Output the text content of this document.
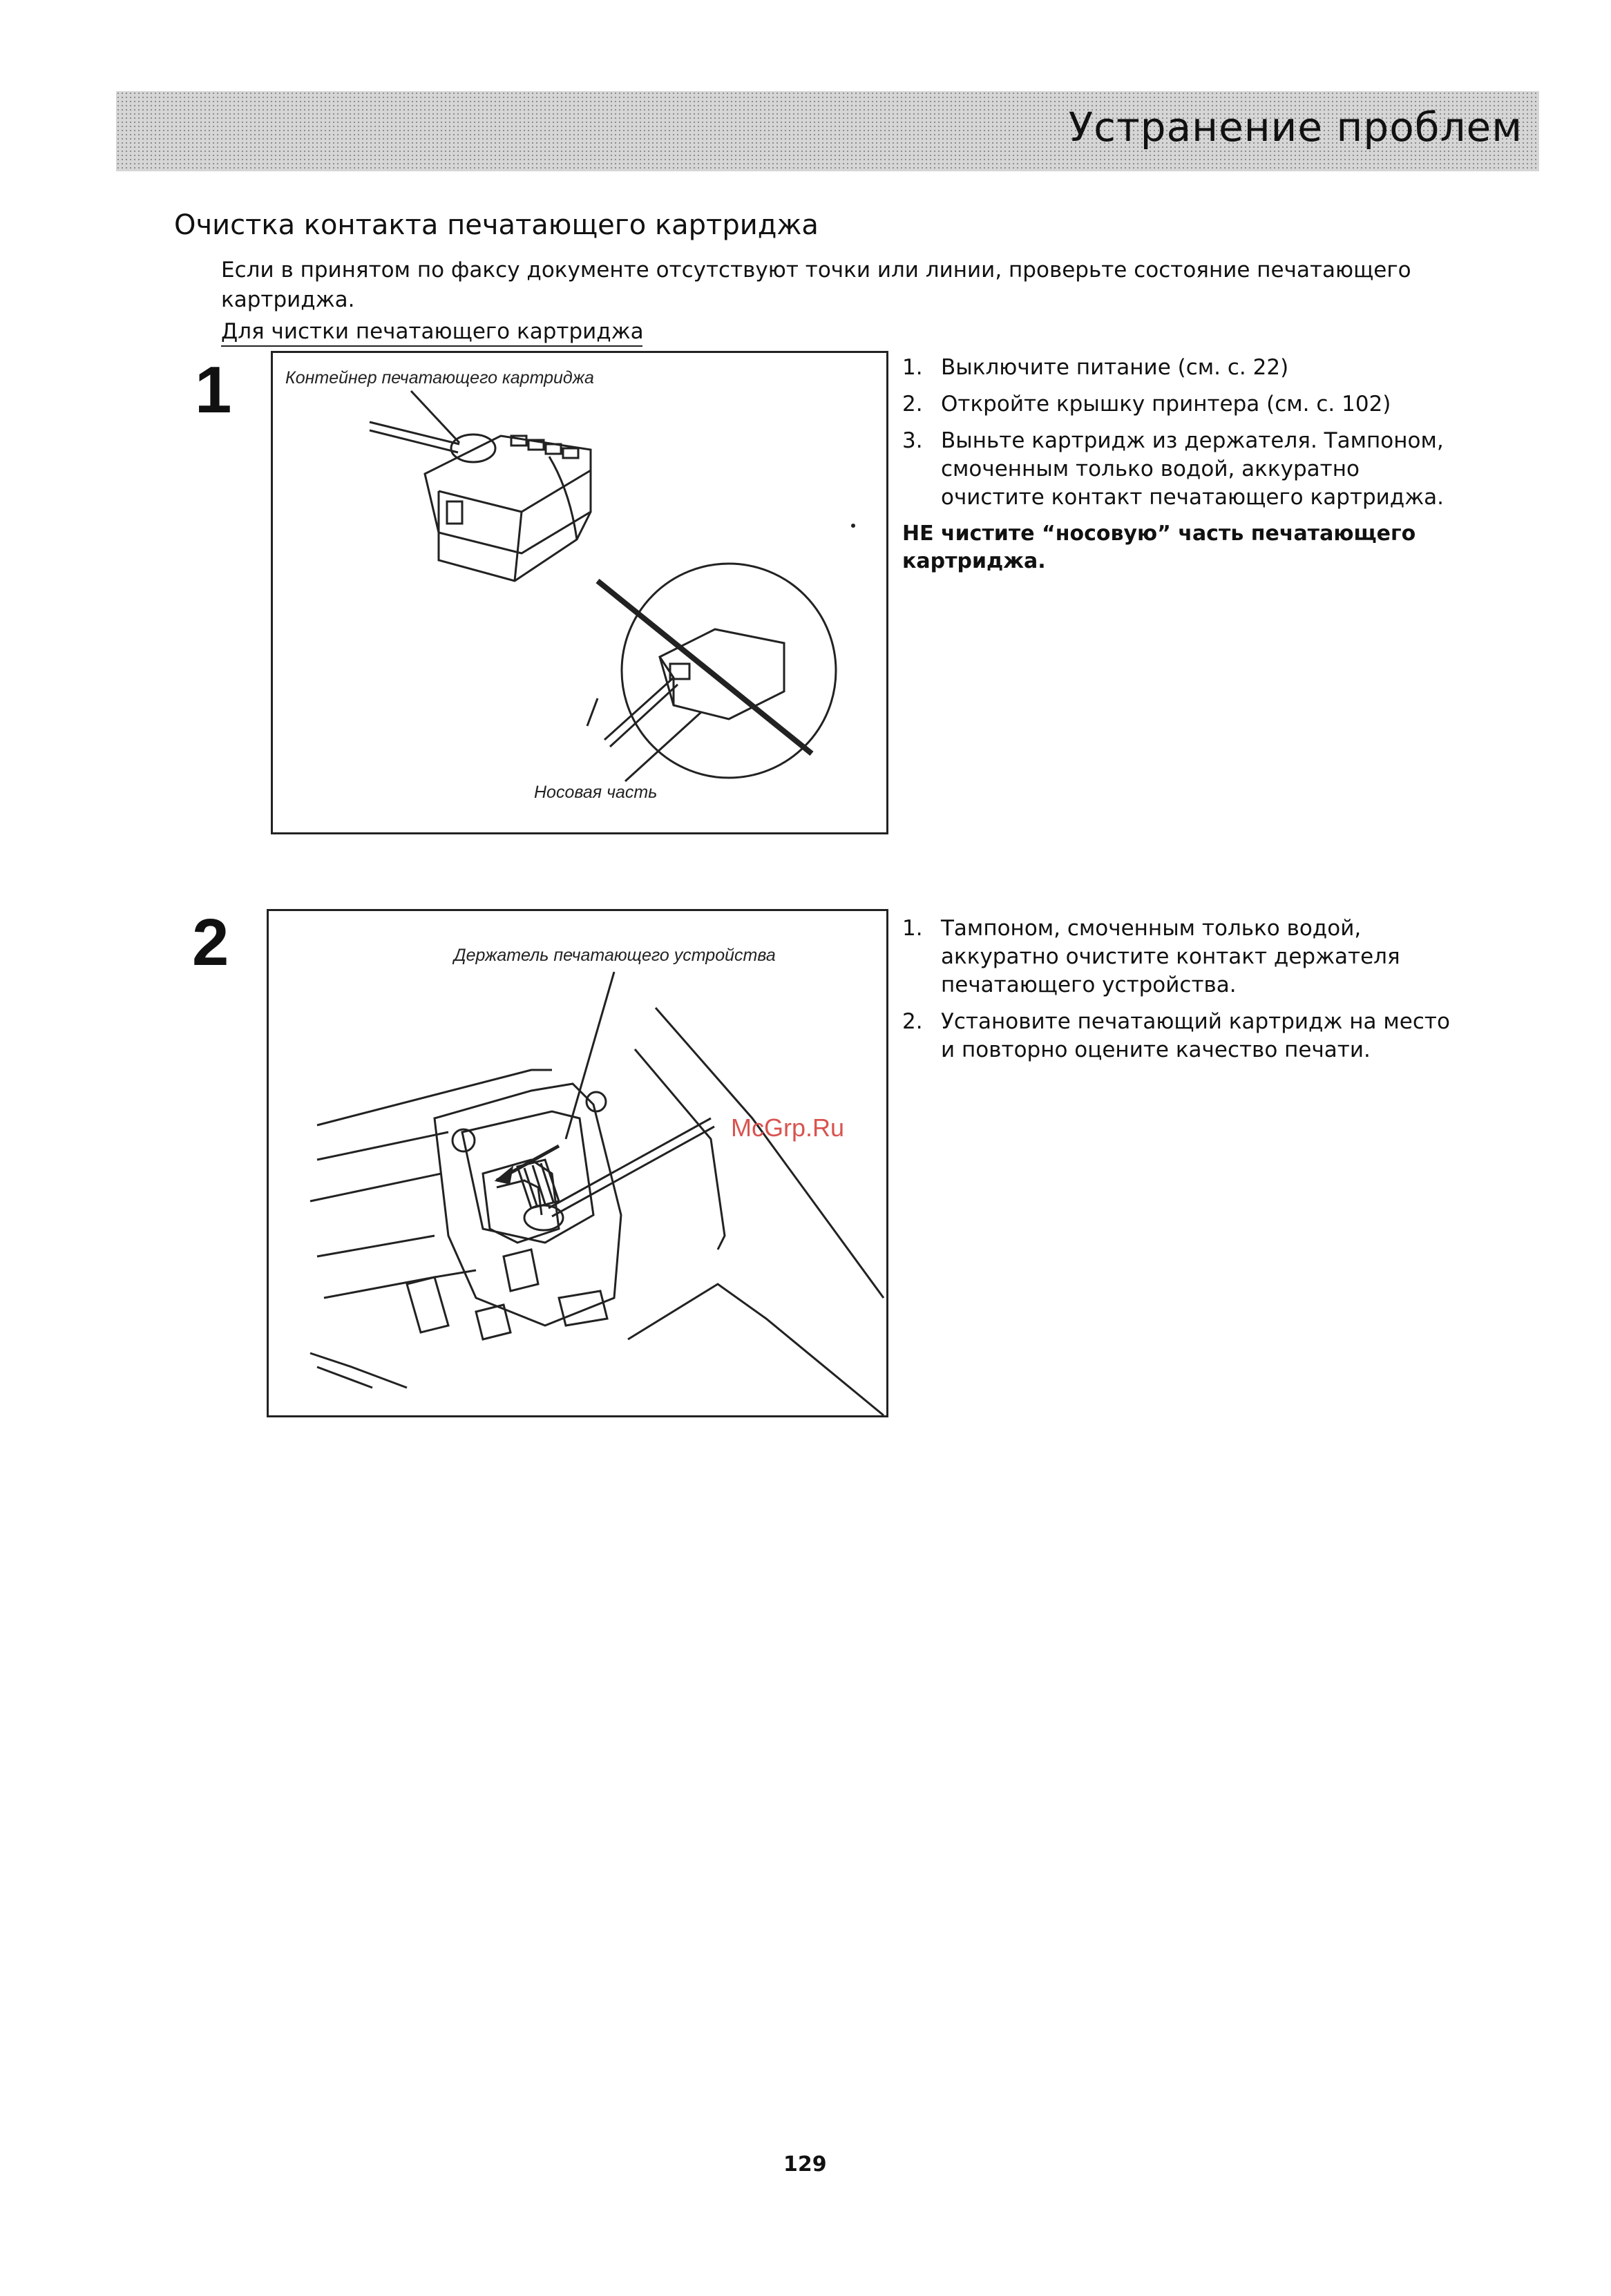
Устранение проблем
Очистка контакта печатающего картриджа
Если в принятом по факсу документе отсутствуют точки или линии, проверьте состояние печатающего картриджа.
Для чистки печатающего картриджа
1	Контейнер печатающего картриджа
Носовая часть
1. Выключите питание (см. с. 22)
2. Откройте крышку принтера (см. с. 102)
3. Выньте картридж из держателя. Тампоном, смоченным только водой, аккуратно очистите контакт печатающего картриджа.
НЕ чистите “носовую” часть печатающего картриджа.
2	Держатель печатающего устройства
1. Тампоном, смоченным только водой, аккуратно очистите контакт держателя печатающего устройства.
2. Установите печатающий картридж на место и повторно оцените качество печати.
McGrp.Ru
129
